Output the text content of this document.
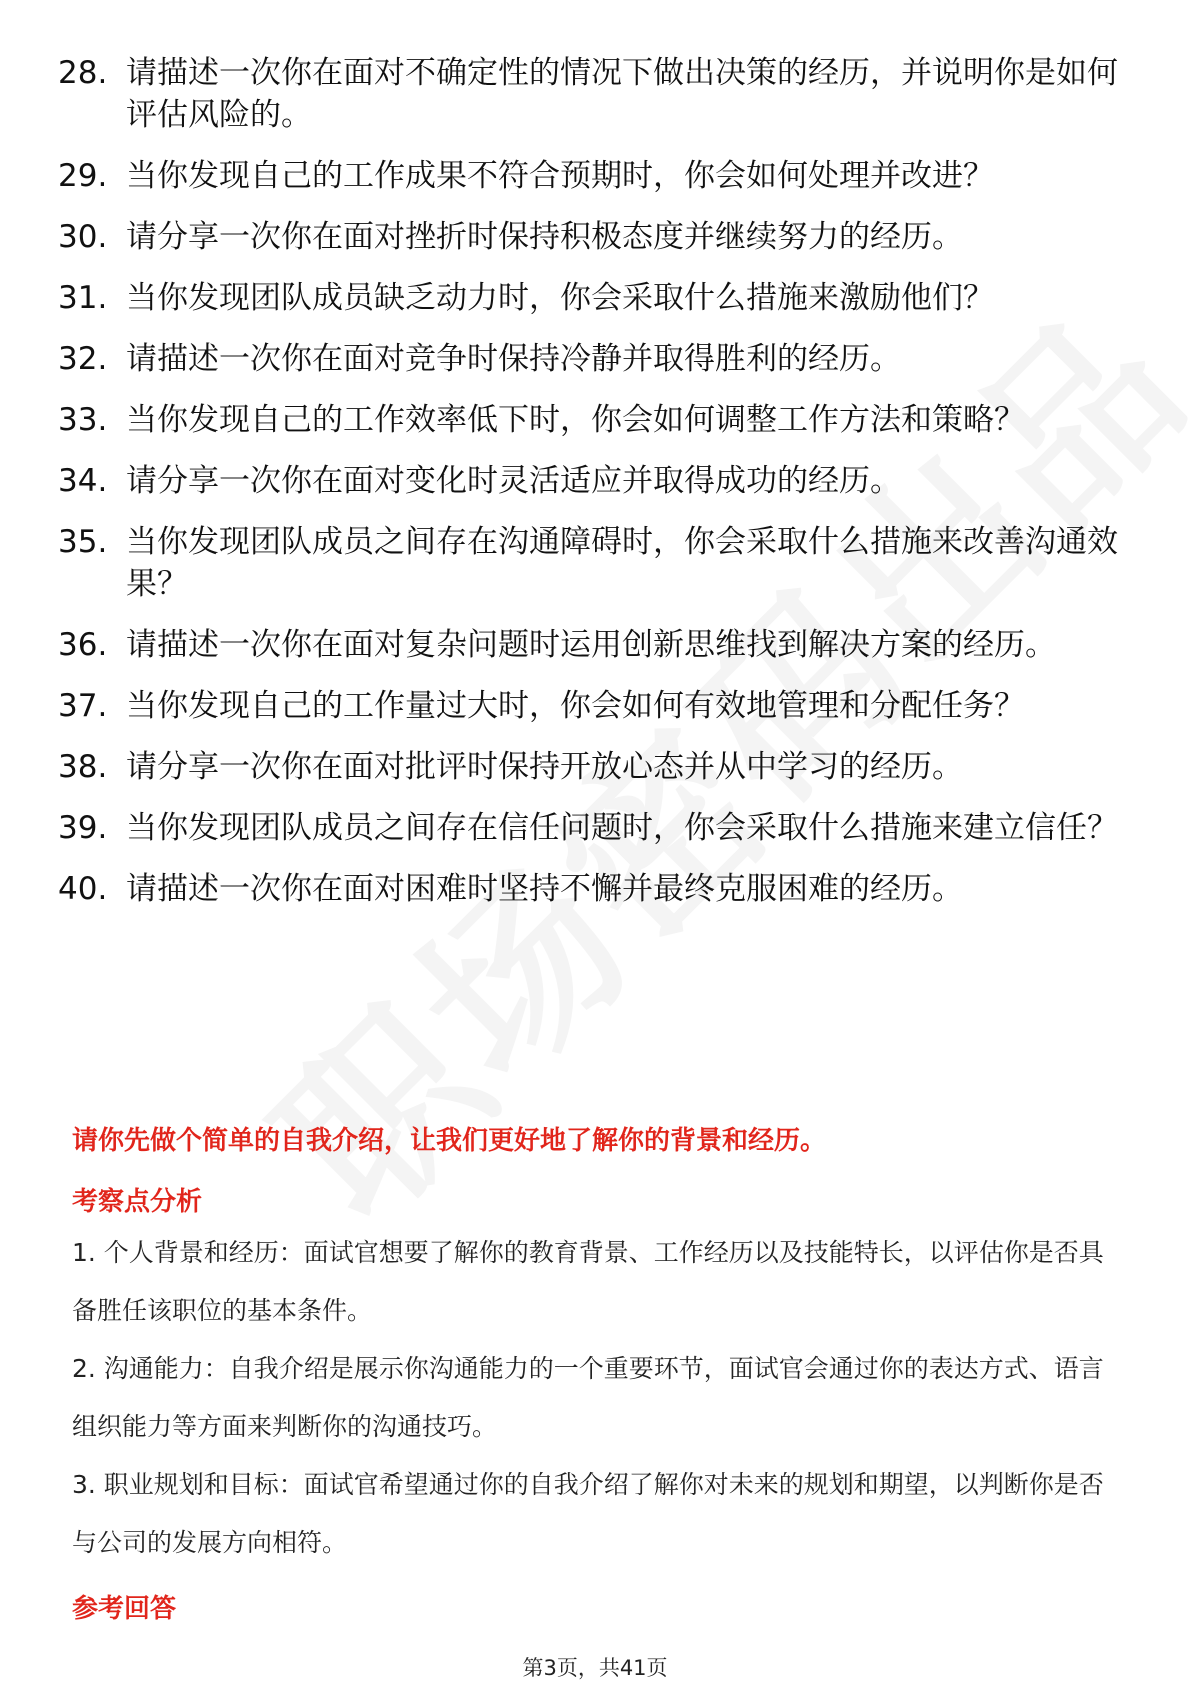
28. 请描述一次你在面对不确定性的情况下做出决策的经历，并说明你是如何评估风险的。
29. 当你发现自己的工作成果不符合预期时，你会如何处理并改进？
30. 请分享一次你在面对挫折时保持积极态度并继续努力的经历。
31. 当你发现团队成员缺乏动力时，你会采取什么措施来激励他们？
32. 请描述一次你在面对竞争时保持冷静并取得胜利的经历。
33. 当你发现自己的工作效率低下时，你会如何调整工作方法和策略？
34. 请分享一次你在面对变化时灵活适应并取得成功的经历。
35. 当你发现团队成员之间存在沟通障碍时，你会采取什么措施来改善沟通效果？
36. 请描述一次你在面对复杂问题时运用创新思维找到解决方案的经历。
37. 当你发现自己的工作量过大时，你会如何有效地管理和分配任务？
38. 请分享一次你在面对批评时保持开放心态并从中学习的经历。
39. 当你发现团队成员之间存在信任问题时，你会采取什么措施来建立信任？
40. 请描述一次你在面对困难时坚持不懈并最终克服困难的经历。
请你先做个简单的自我介绍，让我们更好地了解你的背景和经历。
考察点分析
1. 个人背景和经历：面试官想要了解你的教育背景、工作经历以及技能特长，以评估你是否具备胜任该职位的基本条件。
2. 沟通能力：自我介绍是展示你沟通能力的一个重要环节，面试官会通过你的表达方式、语言组织能力等方面来判断你的沟通技巧。
3. 职业规划和目标：面试官希望通过你的自我介绍了解你对未来的规划和期望，以判断你是否与公司的发展方向相符。
参考回答
第3页，共41页
